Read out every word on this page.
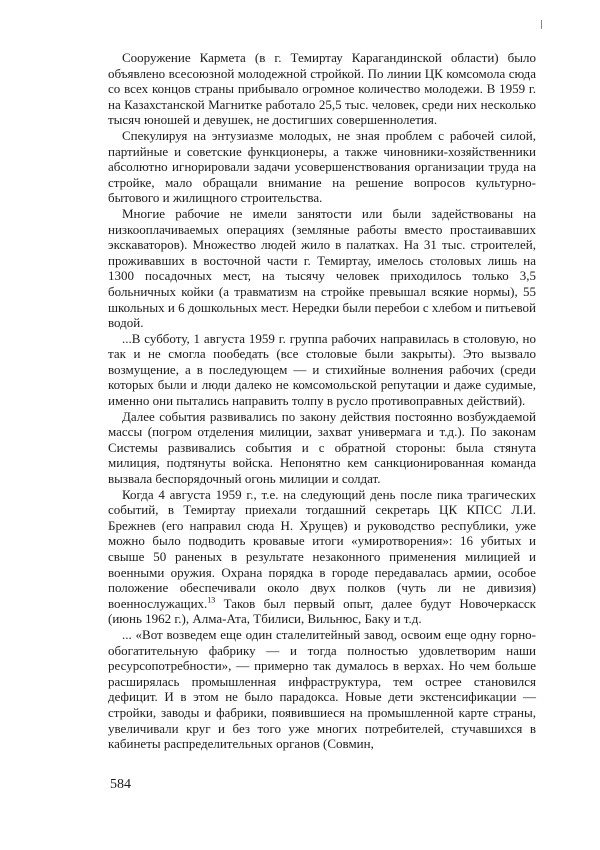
Сооружение Кармета (в г. Темиртау Карагандинской области) было объявлено всесоюзной молодежной стройкой. По линии ЦК комсомола сюда со всех концов страны прибывало огромное количество молодежи. В 1959 г. на Казахстанской Магнитке работало 25,5 тыс. человек, среди них несколько тысяч юношей и девушек, не достигших совершеннолетия.

Спекулируя на энтузиазме молодых, не зная проблем с рабочей силой, партийные и советские функционеры, а также чиновники-хозяйственники абсолютно игнорировали задачи усовершенствования организации труда на стройке, мало обращали внимание на решение вопросов культурно-бытового и жилищного строительства.

Многие рабочие не имели занятости или были задействованы на низкооплачиваемых операциях (земляные работы вместо простаивавших экскаваторов). Множество людей жило в палатках. На 31 тыс. строителей, проживавших в восточной части г. Темиртау, имелось столовых лишь на 1300 посадочных мест, на тысячу человек приходилось только 3,5 больничных койки (а травматизм на стройке превышал всякие нормы), 55 школьных и 6 дошкольных мест. Нередки были перебои с хлебом и питьевой водой.

...В субботу, 1 августа 1959 г. группа рабочих направилась в столовую, но так и не смогла пообедать (все столовые были закрыты). Это вызвало возмущение, а в последующем — и стихийные волнения рабочих (среди которых были и люди далеко не комсомольской репутации и даже судимые, именно они пытались направить толпу в русло противоправных действий).

Далее события развивались по закону действия постоянно возбуждаемой массы (погром отделения милиции, захват универмага и т.д.). По законам Системы развивались события и с обратной стороны: была стянута милиция, подтянуты войска. Непонятно кем санкционированная команда вызвала беспорядочный огонь милиции и солдат.

Когда 4 августа 1959 г., т.е. на следующий день после пика трагических событий, в Темиртау приехали тогдашний секретарь ЦК КПСС Л.И. Брежнев (его направил сюда Н. Хрущев) и руководство республики, уже можно было подводить кровавые итоги «умиротворения»: 16 убитых и свыше 50 раненых в результате незаконного применения милицией и военными оружия. Охрана порядка в городе передавалась армии, особое положение обеспечивали около двух полков (чуть ли не дивизия) военнослужащих.$^{13}$ Таков был первый опыт, далее будут Новочеркасск (июнь 1962 г.), Алма-Ата, Тбилиси, Вильнюс, Баку и т.д.

... «Вот возведем еще один сталелитейный завод, освоим еще одну горно-обогатительную фабрику — и тогда полностью удовлетворим наши ресурсопотребности», — примерно так думалось в верхах. Но чем больше расширялась промышленная инфраструктура, тем острее становился дефицит. И в этом не было парадокса. Новые дети экстенсификации — стройки, заводы и фабрики, появившиеся на промышленной карте страны, увеличивали круг и без того уже многих потребителей, стучавшихся в кабинеты распределительных органов (Совмин,

584
